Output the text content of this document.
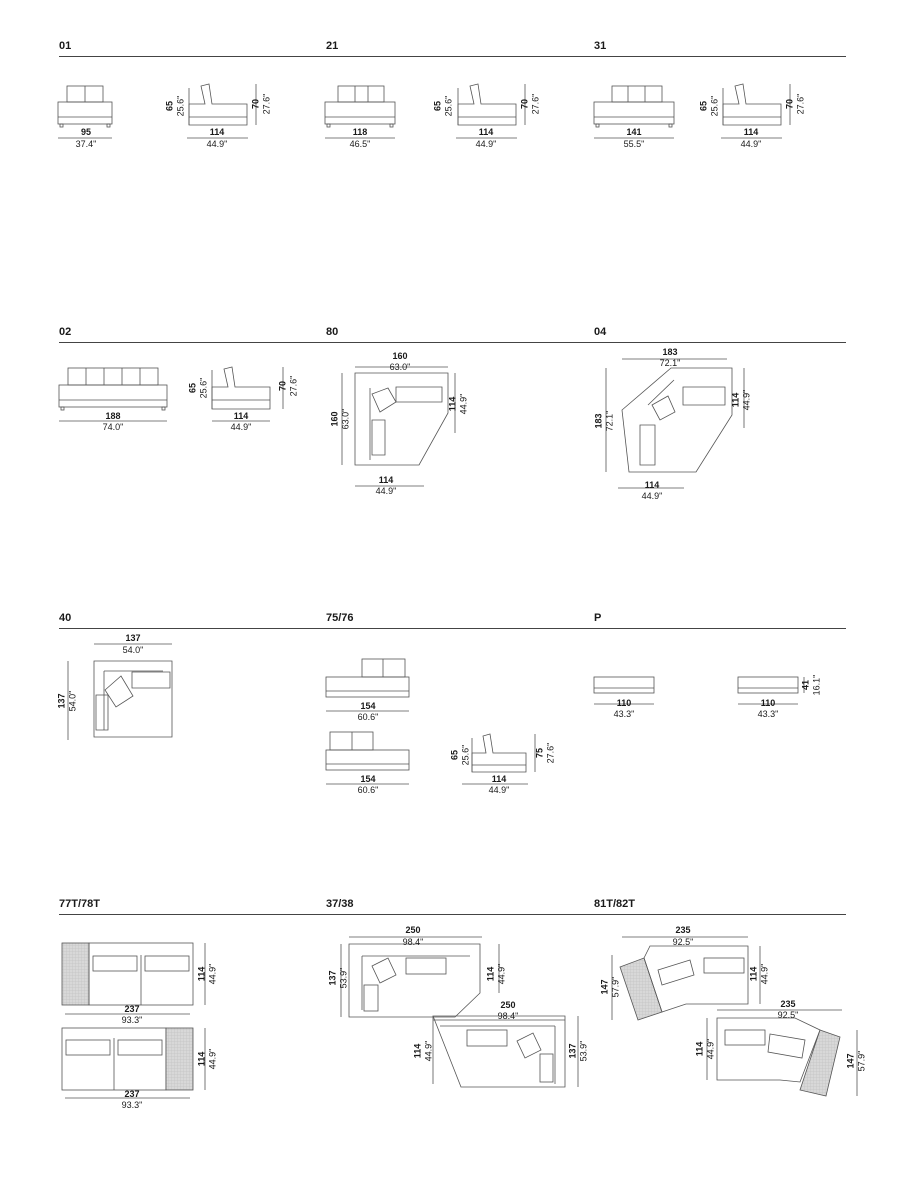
01	21	31
02	80	04
40	75/76	P
77T/78T	37/38	81T/82T
95
37.4"
114
44.9"
65 25.6"	70 27.6"
118
46.5"
114
44.9"
65 25.6"	70 27.6"
141
55.5"
114
44.9"
65 25.6"	70 27.6"
188
74.0"
114
44.9"
65 25.6"	70 27.6"
160
63.0"
160 63.0"
114 44.9"
114
44.9"
183
72.1"
183 72.1"
114 44.9"
114
44.9"
137
54.0"
137 54.0"	154
60.6"
154
60.6"
114
44.9"
65 25.6"	75 27.6"
110
43.3"
110
43.3"
41 16.1"
114 44.9"
237
93.3"
114 44.9"
237
93.3"
250
98.4"
137 53.9"	114 44.9"
250
98.4"
114 44.9"	137 53.9"
235
92.5"
147 57.9"
114 44.9"
235
92.5"
114 44.9"
147 57.9"
